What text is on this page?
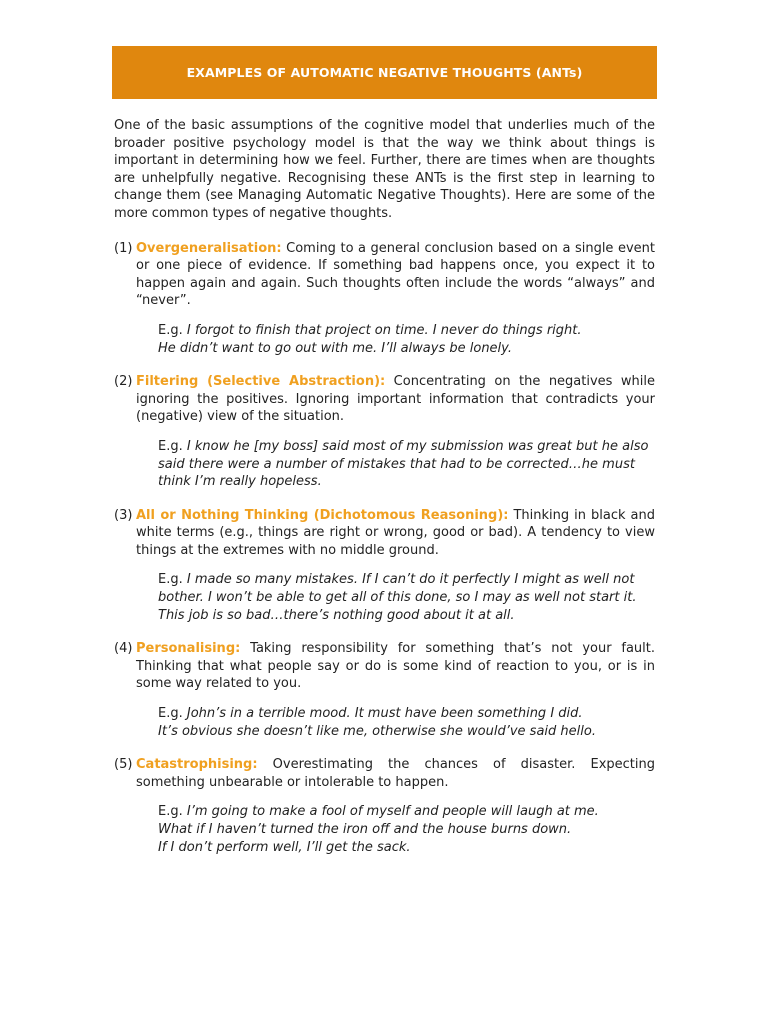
EXAMPLES OF AUTOMATIC NEGATIVE THOUGHTS (ANTs)

One of the basic assumptions of the cognitive model that underlies much of the broader positive psychology model is that the way we think about things is important in determining how we feel. Further, there are times when are thoughts are unhelpfully negative. Recognising these ANTs is the first step in learning to change them (see Managing Automatic Negative Thoughts). Here are some of the more common types of negative thoughts.

(1) Overgeneralisation: Coming to a general conclusion based on a single event or one piece of evidence. If something bad happens once, you expect it to happen again and again. Such thoughts often include the words “always” and “never”.

E.g. I forgot to finish that project on time. I never do things right.

He didn’t want to go out with me. I’ll always be lonely.

(2) Filtering (Selective Abstraction): Concentrating on the negatives while ignoring the positives. Ignoring important information that contradicts your (negative) view of the situation.

E.g. I know he [my boss] said most of my submission was great but he also said there were a number of mistakes that had to be corrected…he must think I’m really hopeless.

(3) All or Nothing Thinking (Dichotomous Reasoning): Thinking in black and white terms (e.g., things are right or wrong, good or bad). A tendency to view things at the extremes with no middle ground.

E.g. I made so many mistakes. If I can’t do it perfectly I might as well not bother. I won’t be able to get all of this done, so I may as well not start it.

This job is so bad…there’s nothing good about it at all.

(4) Personalising: Taking responsibility for something that’s not your fault. Thinking that what people say or do is some kind of reaction to you, or is in some way related to you.

E.g. John’s in a terrible mood. It must have been something I did.

It’s obvious she doesn’t like me, otherwise she would’ve said hello.

(5) Catastrophising: Overestimating the chances of disaster. Expecting something unbearable or intolerable to happen.

E.g. I’m going to make a fool of myself and people will laugh at me.

What if I haven’t turned the iron off and the house burns down.

If I don’t perform well, I’ll get the sack.
